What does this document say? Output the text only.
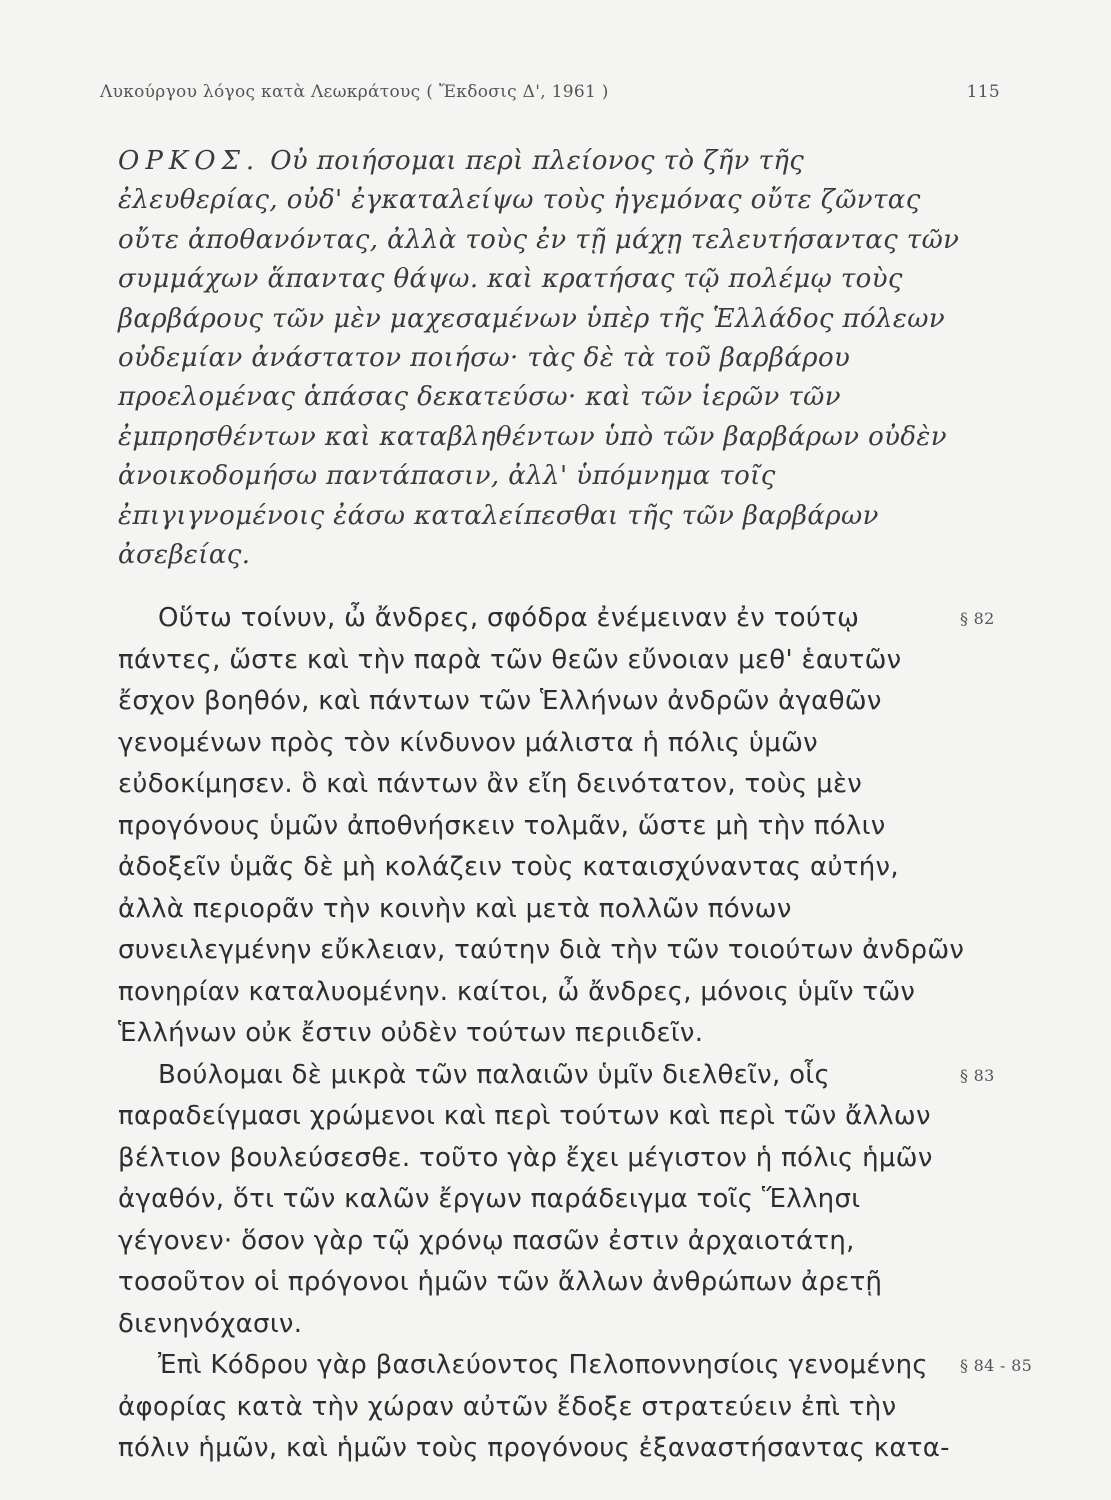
Λυκούργου λόγος κατὰ Λεωκράτους ( Ἔκδοσις Δ', 1961 )	115
ΟΡΚΟΣ. Οὐ ποιήσομαι περὶ πλείονος τὸ ζῆν τῆς ἐλευθερίας, οὐδ' ἐγκαταλείψω τοὺς ἡγεμόνας οὔτε ζῶντας οὔτε ἀποθανόντας, ἀλλὰ τοὺς ἐν τῇ μάχῃ τελευτήσαντας τῶν συμμάχων ἅπαντας θάψω. καὶ κρατήσας τῷ πολέμῳ τοὺς βαρβάρους τῶν μὲν μαχεσαμένων ὑπὲρ τῆς Ἑλλάδος πόλεων οὐδεμίαν ἀνάστατον ποιήσω· τὰς δὲ τὰ τοῦ βαρβάρου προελομένας ἁπάσας δεκατεύσω· καὶ τῶν ἱερῶν τῶν ἐμπρησθέντων καὶ καταβληθέντων ὑπὸ τῶν βαρβάρων οὐδὲν ἀνοικοδομήσω παντάπασιν, ἀλλ' ὑπόμνημα τοῖς ἐπιγιγνομένοις ἐάσω καταλείπεσθαι τῆς τῶν βαρβάρων ἀσεβείας.

§ 82
Οὕτω τοίνυν, ὦ ἄνδρες, σφόδρα ἐνέμειναν ἐν τούτῳ πάντες, ὥστε καὶ τὴν παρὰ τῶν θεῶν εὔνοιαν μεθ' ἑαυτῶν ἔσχον βοηθόν, καὶ πάντων τῶν Ἑλλήνων ἀνδρῶν ἀγαθῶν γενομένων πρὸς τὸν κίνδυνον μάλιστα ἡ πόλις ὑμῶν εὐδοκίμησεν. ὃ καὶ πάντων ἂν εἴη δεινότατον, τοὺς μὲν προγόνους ὑμῶν ἀποθνήσκειν τολμᾶν, ὥστε μὴ τὴν πόλιν ἀδοξεῖν ὑμᾶς δὲ μὴ κολάζειν τοὺς καταισχύναντας αὐτήν, ἀλλὰ περιορᾶν τὴν κοινὴν καὶ μετὰ πολλῶν πόνων συνειλεγμένην εὔκλειαν, ταύτην διὰ τὴν τῶν τοιούτων ἀνδρῶν πονηρίαν καταλυομένην. καίτοι, ὦ ἄνδρες, μόνοις ὑμῖν τῶν Ἑλλήνων οὐκ ἔστιν οὐδὲν τούτων περιιδεῖν.

§ 83
Βούλομαι δὲ μικρὰ τῶν παλαιῶν ὑμῖν διελθεῖν, οἷς παραδείγμασι χρώμενοι καὶ περὶ τούτων καὶ περὶ τῶν ἄλλων βέλτιον βουλεύσεσθε. τοῦτο γὰρ ἔχει μέγιστον ἡ πόλις ἡμῶν ἀγαθόν, ὅτι τῶν καλῶν ἔργων παράδειγμα τοῖς Ἕλλησι γέγονεν· ὅσον γὰρ τῷ χρόνῳ πασῶν ἐστιν ἀρχαιοτάτη, τοσοῦτον οἱ πρόγονοι ἡμῶν τῶν ἄλλων ἀνθρώπων ἀρετῇ διενηνόχασιν.

§ 84 - 85
Ἐπὶ Κόδρου γὰρ βασιλεύοντος Πελοποννησίοις γενομένης ἀφορίας κατὰ τὴν χώραν αὐτῶν ἔδοξε στρατεύειν ἐπὶ τὴν πόλιν ἡμῶν, καὶ ἡμῶν τοὺς προγόνους ἐξαναστήσαντας κατα-
